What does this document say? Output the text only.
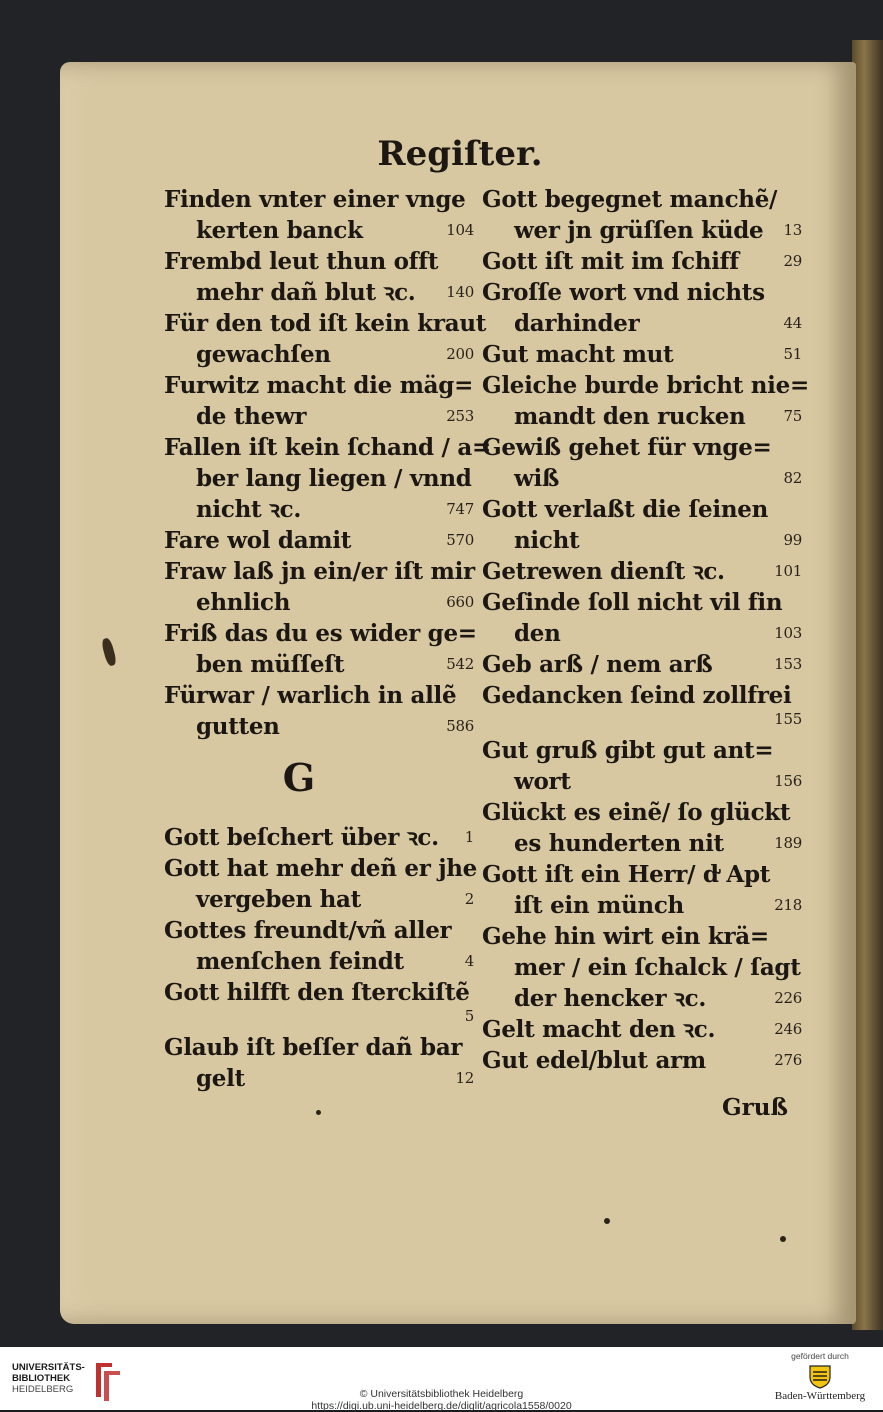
Regiſter.
Finden vnter einer vnge
kerten banck	104
Frembd leut thun offt
mehr dañ blut ꝛc. 140
Für den tod iſt kein kraut
gewachſen	200
Furwitz macht die mäg=
de thewr	253
Fallen iſt kein ſchand / a=
ber lang liegen / vnnd
nicht ꝛc.	747
Fare wol damit	570
Fraw laß jn ein/er iſt mir
ehnlich	660
Friß das du es wider ge=
ben müſſeſt	542
Fürwar / warlich in allẽ
gutten	586
G
Gott beſchert über ꝛc. 1
Gott hat mehr deñ er jhe
vergeben hat	2
Gottes freundt/vñ aller
menſchen feindt	4
Gott hilfft den ſterckiſtẽ
5
Glaub iſt beſſer dañ bar
gelt	12
Gott begegnet manchẽ/
wer jn grüſſen küde 13
Gott iſt mit im ſchiff	29
Groſſe wort vnd nichts
darhinder	44
Gut macht mut	51
Gleiche burde bricht nie=
mandt den rucken	75
Gewiß gehet für vnge=
wiß	82
Gott verlaßt die ſeinen
nicht	99
Getrewen dienſt ꝛc.	101
Geſinde ſoll nicht vil fin
den	103
Geb arß / nem arß	153
Gedancken ſeind zollfrei
155
Gut gruß gibt gut ant=
wort	156
Glückt es einẽ/ ſo glückt
es hunderten nit	189
Gott iſt ein Herr/ d̛ Apt
iſt ein münch	218
Gehe hin wirt ein krä=
mer / ein ſchalck / ſagt
der hencker ꝛc.	226
Gelt macht den ꝛc.	246
Gut edel/blut arm	276
Gruß
UNIVERSITÄTS-
BIBLIOTHEK
HEIDELBERG	© Universitätsbibliothek Heidelberg
https://digi.ub.uni-heidelberg.de/diglit/agricola1558/0020
gefördert durch
Baden-Württemberg
